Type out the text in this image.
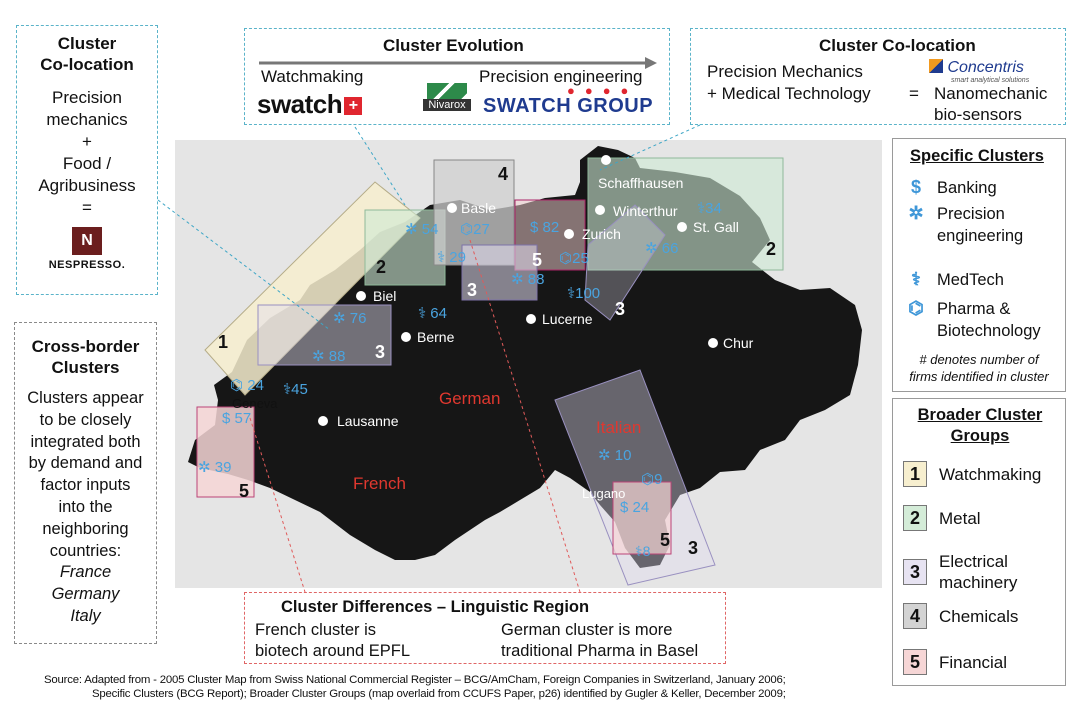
Schaffhausen
Basle	Winterthur
Zurich	St. Gall
Biel
Berne
Lucerne
Chur
Geneva
Lausanne
Lugano
German
French
Italian
1
2
2
3
3
3
3
4
5
5
5
✲ 54 ⌬27
⚕ 29
$ 82
⌬25
✲ 88
⚕34
✲ 66
⚕100
✲ 76	⚕ 64
✲ 88
⌬ 24 ⚕45
$ 57
✲ 39
✲ 10
⌬9
$ 24
⚕8
Cluster
Co-location
Precision
mechanics
+
Food /
Agribusiness
=
N
NESPRESSO.
Cluster Evolution
Watchmaking	Precision engineering
swatch +	Nivarox SWATCH GROUP
●●●●
Cluster Co-location
Precision Mechanics
+ Medical Technology
Concentris
smart analytical solutions
= Nanomechanic
bio-sensors
Specific Clusters
$ Banking
✲ Precision
engineering
⚕ MedTech
⌬ Pharma &
Biotechnology
# denotes number of
firms identified in cluster
Broader Cluster
Groups
1	Watchmaking
2	Metal
3	Electrical
machinery
4	Chemicals
5	Financial
Cross-border
Clusters
Clusters appear
to be closely
integrated both
by demand and
factor inputs
into the
neighboring
countries:
France
Germany
Italy	Cluster Differences – Linguistic Region
French cluster is
biotech around EPFL
German cluster is more
traditional Pharma in Basel
Source: Adapted from - 2005 Cluster Map from Swiss National Commercial Register – BCG/AmCham, Foreign Companies in Switzerland, January 2006;
Specific Clusters (BCG Report); Broader Cluster Groups (map overlaid from CCUFS Paper, p26) identified by Gugler & Keller, December 2009;
